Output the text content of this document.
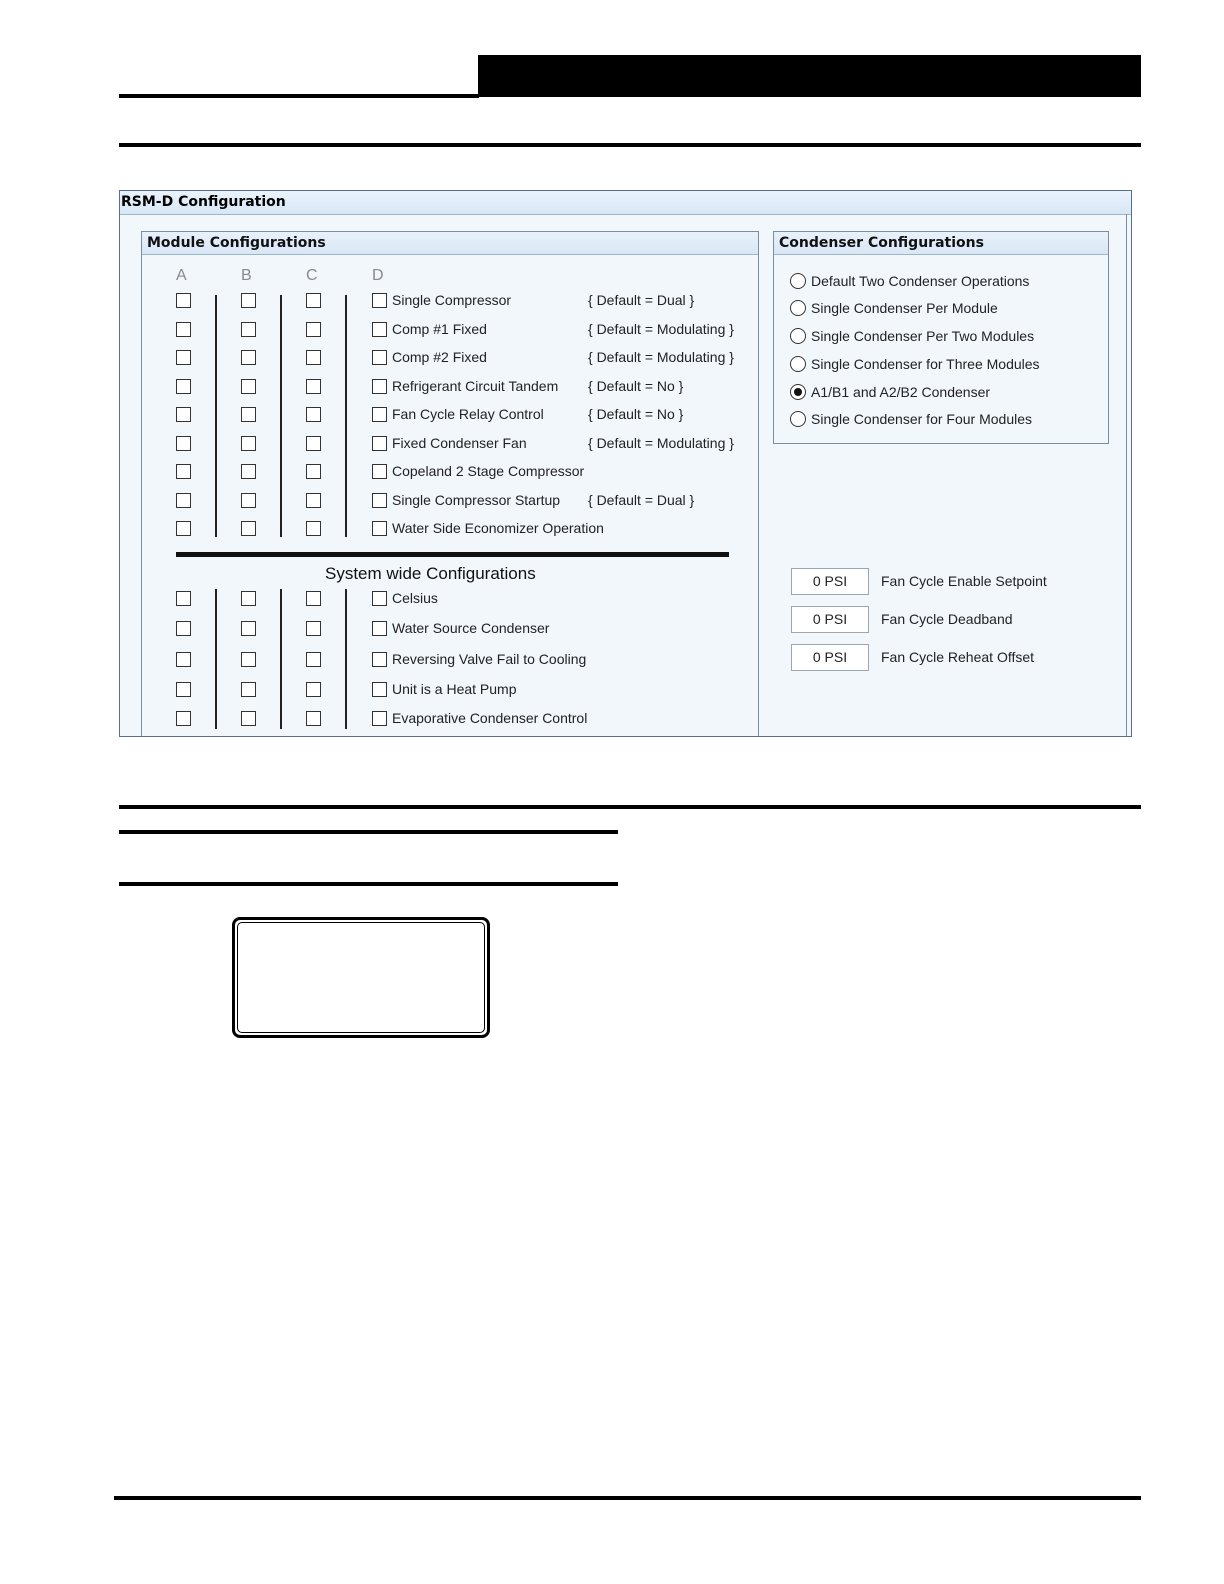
RSM-D Configuration
Module Configurations
A	B	C	D
Single Compressor	{ Default = Dual }
Comp #1 Fixed	{ Default = Modulating }
Comp #2 Fixed	{ Default = Modulating }
Refrigerant Circuit Tandem { Default = No }
Fan Cycle Relay Control	{ Default = No }
Fixed Condenser Fan	{ Default = Modulating }
Copeland 2 Stage Compressor
Single Compressor Startup { Default = Dual }
Water Side Economizer Operation
System wide Configurations
Celsius
Water Source Condenser
Reversing Valve Fail to Cooling
Unit is a Heat Pump
Evaporative Condenser Control
Condenser Configurations
Default Two Condenser Operations
Single Condenser Per Module
Single Condenser Per Two Modules
Single Condenser for Three Modules
A1/B1 and A2/B2 Condenser
Single Condenser for Four Modules
0 PSI	Fan Cycle Enable Setpoint
0 PSI	Fan Cycle Deadband
0 PSI	Fan Cycle Reheat Offset
